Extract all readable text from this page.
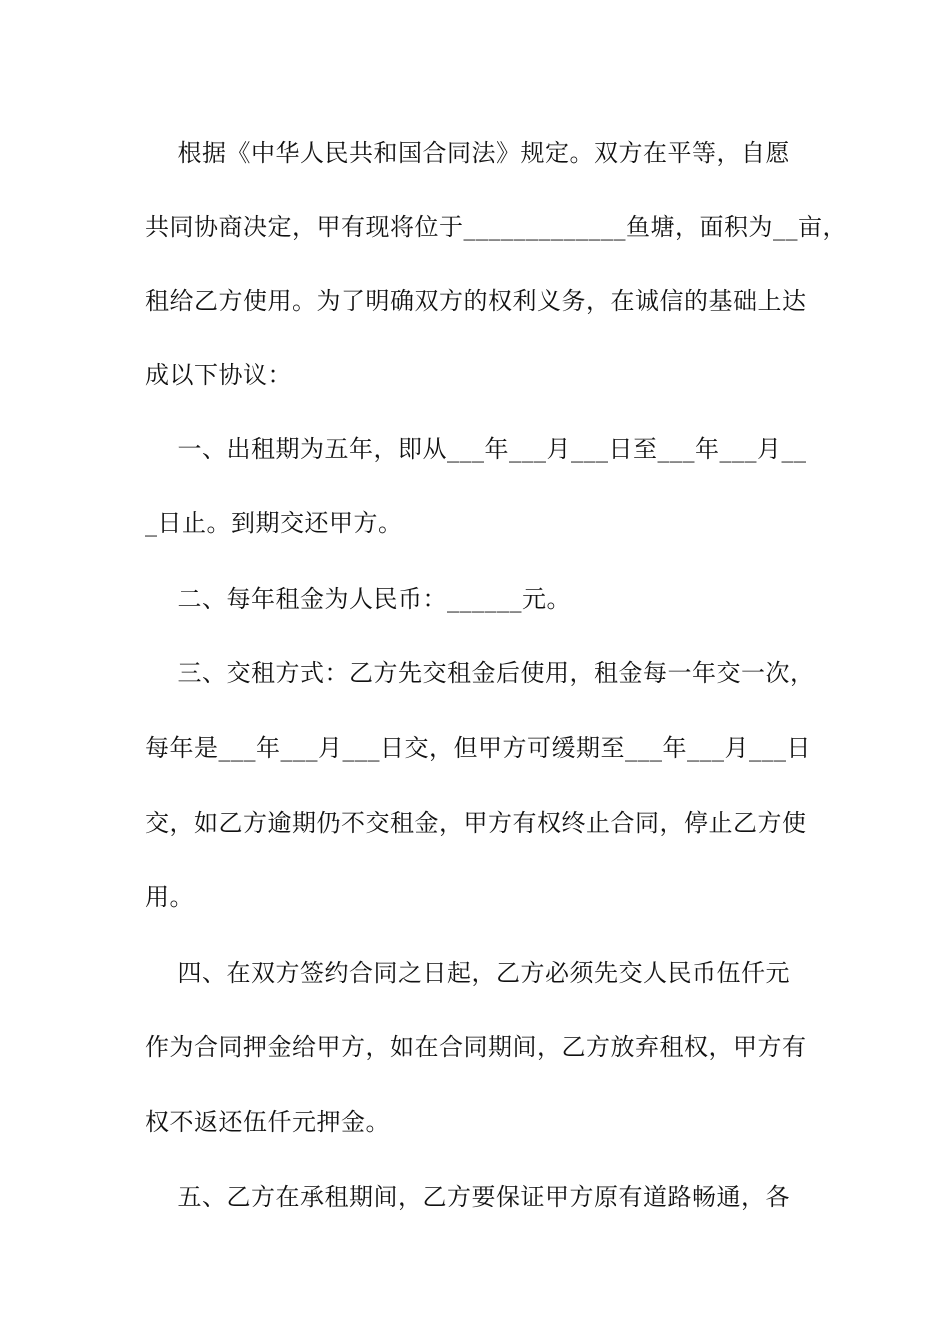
根据《中华人民共和国合同法》规定。双方在平等，自愿
共同协商决定，甲有现将位于_____________鱼塘，面积为__亩，
租给乙方使用。为了明确双方的权利义务，在诚信的基础上达
成以下协议：
一、出租期为五年，即从___年___月___日至___年___月__
_日止。到期交还甲方。
二、每年租金为人民币：______元。
三、交租方式：乙方先交租金后使用，租金每一年交一次，
每年是___年___月___日交，但甲方可缓期至___年___月___日
交，如乙方逾期仍不交租金，甲方有权终止合同，停止乙方使
用。
四、在双方签约合同之日起，乙方必须先交人民币伍仟元
作为合同押金给甲方，如在合同期间，乙方放弃租权，甲方有
权不返还伍仟元押金。
五、乙方在承租期间，乙方要保证甲方原有道路畅通，各
